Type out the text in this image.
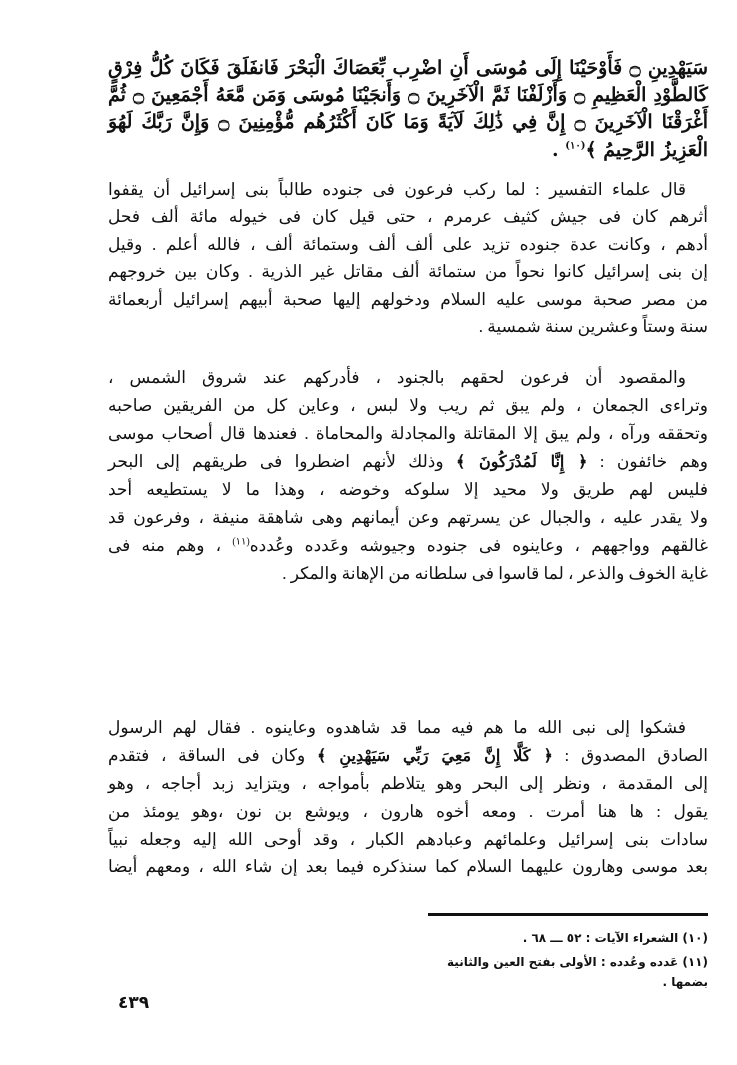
سَيَهْدِينِ ۝ فَأَوْحَيْنَا إِلَى مُوسَى أَنِ اضْرِب بِّعَصَاكَ الْبَحْرَ فَانفَلَقَ فَكَانَ كُلُّ فِرْقٍ
كَالطَّوْدِ الْعَظِيمِ ۝ وَأَزْلَفْنَا ثَمَّ الْآخَرِينَ ۝ وَأَنجَيْنَا مُوسَى وَمَن مَّعَهُ أَجْمَعِينَ ۝ ثُمَّ
أَغْرَقْنَا الْآخَرِينَ ۝ إِنَّ فِي ذَٰلِكَ لَآيَةً وَمَا كَانَ أَكْثَرُهُم مُّؤْمِنِينَ ۝ وَإِنَّ رَبَّكَ لَهُوَ
الْعَزِيزُ الرَّحِيمُ ﴾$^{(١٠)}$ .
قال علماء التفسير : لما ركب فرعون فى جنوده طالباً بنى إسرائيل أن يقفوا
أثرهم كان فى جيش كثيف عرمرم ، حتى قيل كان فى خيوله مائة ألف فحل
أدهم ، وكانت عدة جنوده تزيد على ألف ألف وستمائة ألف ، فالله أعلم . وقيل
إن بنى إسرائيل كانوا نحواً من ستمائة ألف مقاتل غير الذرية . وكان بين خروجهم
من مصر صحبة موسى عليه السلام ودخولهم إليها صحبة أبيهم إسرائيل أربعمائة
سنة وستاً وعشرين سنة شمسية .
والمقصود أن فرعون لحقهم بالجنود ، فأدركهم عند شروق الشمس ،
وتراءى الجمعان ، ولم يبق ثم ريب ولا لبس ، وعاين كل من الفريقين صاحبه
وتحققه ورآه ، ولم يبق إلا المقاتلة والمجادلة والمحاماة . فعندها قال أصحاب موسى
وهم خائفون : ﴿ إِنَّا لَمُدْرَكُونَ ﴾ وذلك لأنهم اضطروا فى طريقهم إلى البحر
فليس لهم طريق ولا محيد إلا سلوكه وخوضه ، وهذا ما لا يستطيعه أحد
ولا يقدر عليه ، والجبال عن يسرتهم وعن أيمانهم وهى شاهقة منيفة ، وفرعون قد
غالقهم وواجههم ، وعاينوه فى جنوده وجيوشه وعَدده وعُدده$^{(١١)}$ ، وهم منه فى
غاية الخوف والذعر ، لما قاسوا فى سلطانه من الإهانة والمكر .
فشكوا إلى نبى الله ما هم فيه مما قد شاهدوه وعاينوه . فقال لهم الرسول
الصادق المصدوق : ﴿ كَلَّا إِنَّ مَعِيَ رَبِّي سَيَهْدِينِ ﴾ وكان فى الساقة ، فتقدم
إلى المقدمة ، ونظر إلى البحر وهو يتلاطم بأمواجه ، ويتزايد زبد أجاجه ، وهو
يقول : ها هنا أمرت . ومعه أخوه هارون ، ويوشع بن نون ،وهو يومئذ من
سادات بنى إسرائيل وعلمائهم وعبادهم الكبار ، وقد أوحى الله إليه وجعله نبياً
بعد موسى وهارون عليهما السلام كما سنذكره فيما بعد إن شاء الله ، ومعهم أيضا
(١٠) الشعراء الآيات : ٥٢ ـــ ٦٨ .
(١١) عَدده وعُدده : الأولى بفتح العين والثانية بضمها .
٤٣٩
